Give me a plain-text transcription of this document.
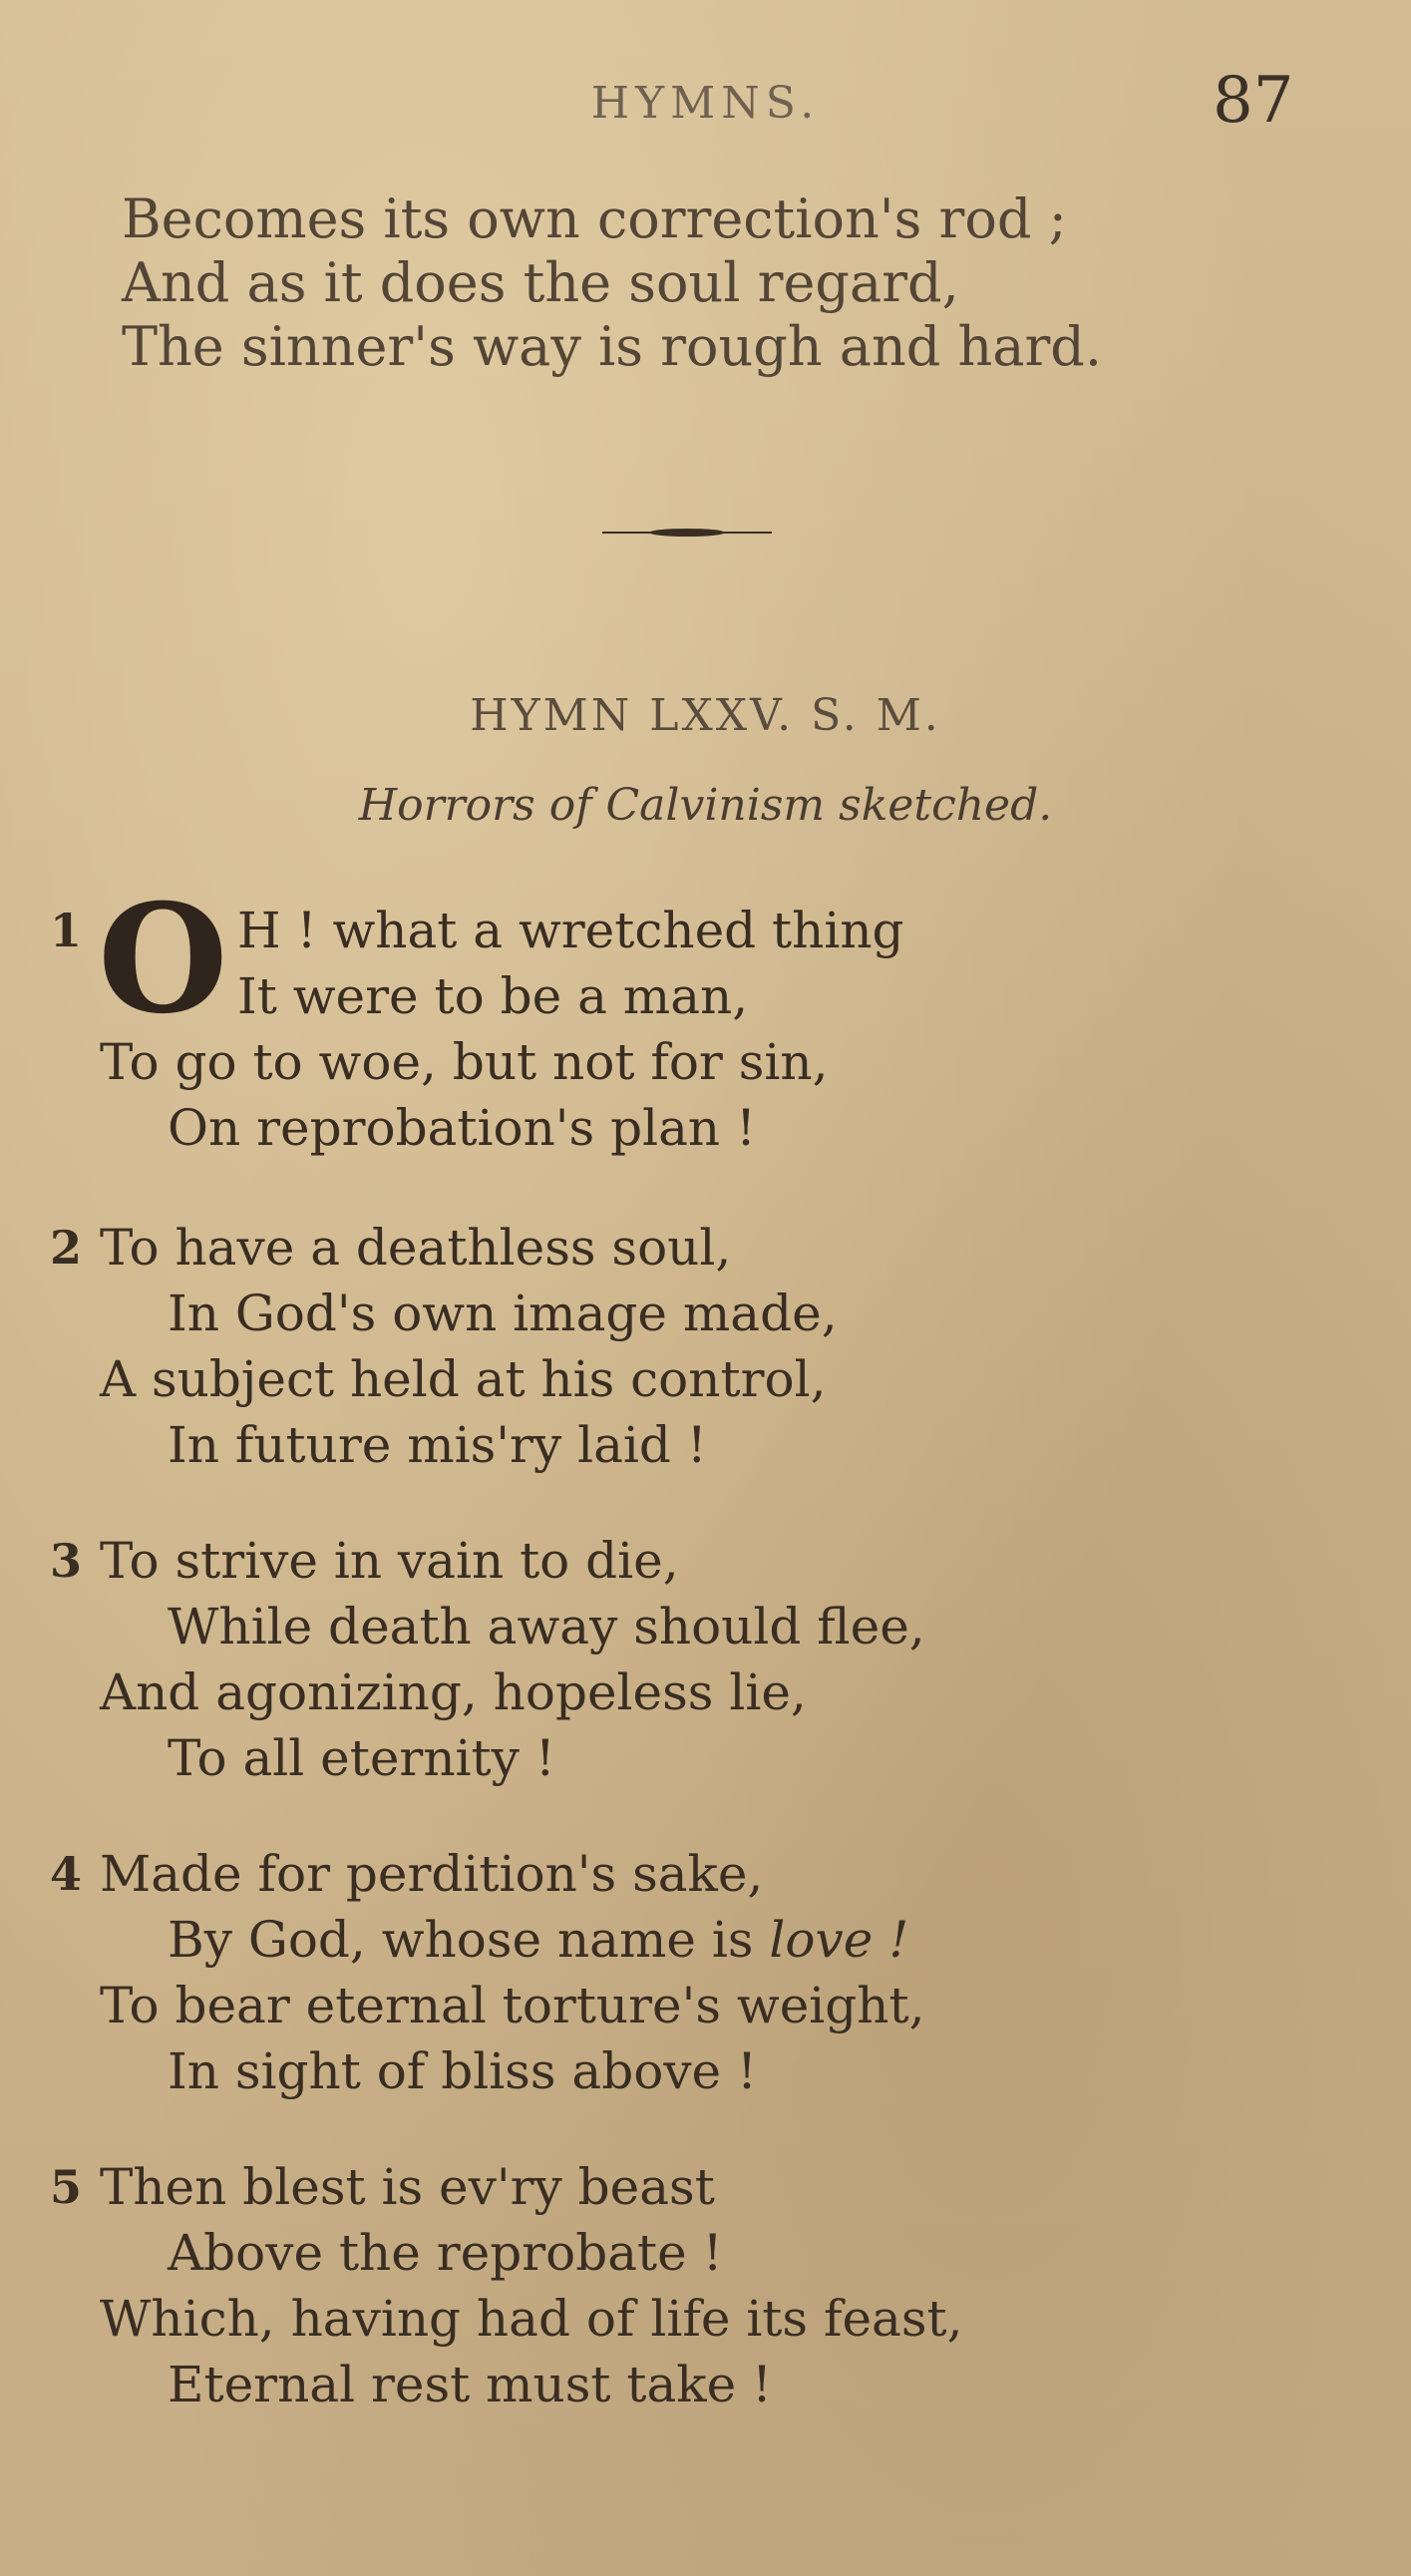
HYMNS.	87
Becomes its own correction's rod ;
And as it does the soul regard,
The sinner's way is rough and hard.
HYMN LXXV. S. M.
Horrors of Calvinism sketched.
1 O H ! what a wretched thing
It were to be a man,
To go to woe, but not for sin,
On reprobation's plan !
2 To have a deathless soul,
In God's own image made,
A subject held at his control,
In future mis'ry laid !
3 To strive in vain to die,
While death away should flee,
And agonizing, hopeless lie,
To all eternity !
4 Made for perdition's sake,
By God, whose name is love !
To bear eternal torture's weight,
In sight of bliss above !
5 Then blest is ev'ry beast
Above the reprobate !
Which, having had of life its feast,
Eternal rest must take !
